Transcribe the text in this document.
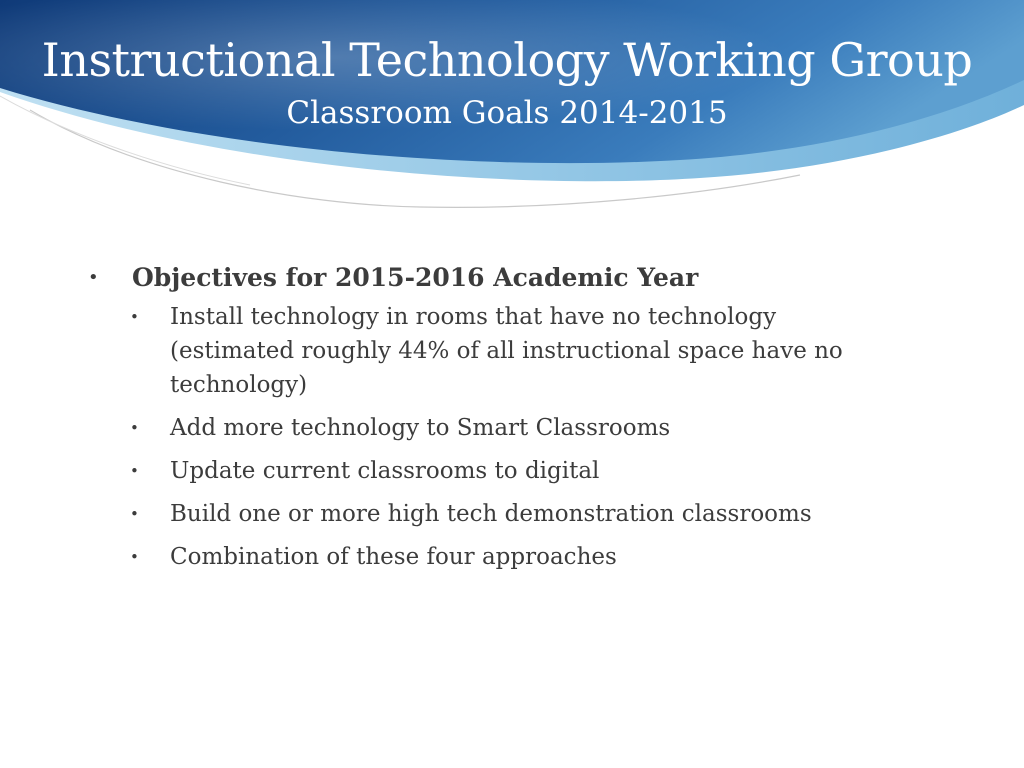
Instructional Technology Working Group
Classroom Goals 2014-2015
•	Objectives for 2015-2016 Academic Year
•	Install technology in rooms that have no technology (estimated roughly 44% of all instructional space have no technology)
•	Add more technology to Smart Classrooms
•	Update current classrooms to digital
•	Build one or more high tech demonstration classrooms
•	Combination of these four approaches
